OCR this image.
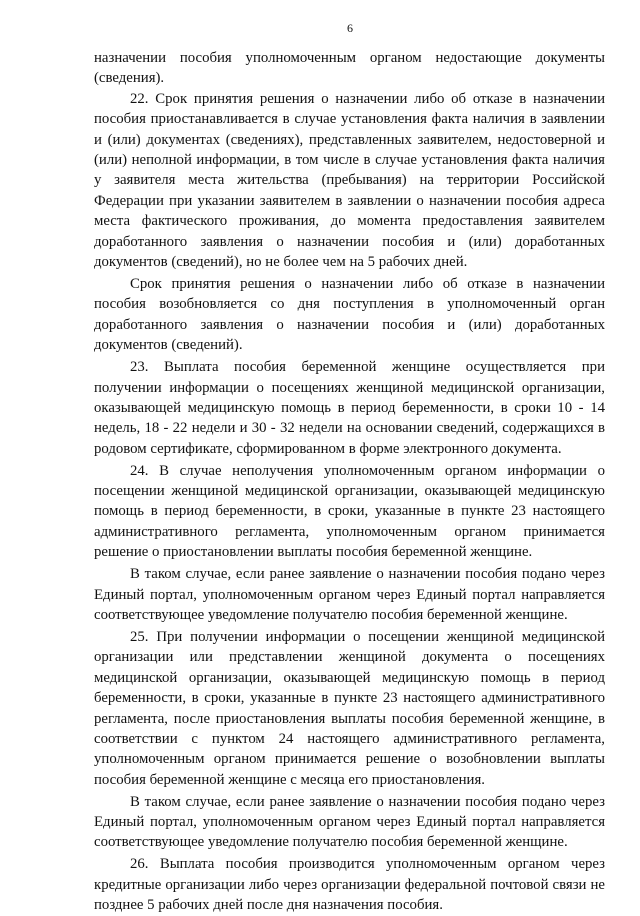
6

назначении пособия уполномоченным органом недостающие документы (сведения).

22. Срок принятия решения о назначении либо об отказе в назначении пособия приостанавливается в случае установления факта наличия в заявлении и (или) документах (сведениях), представленных заявителем, недостоверной и (или) неполной информации, в том числе в случае установления факта наличия у заявителя места жительства (пребывания) на территории Российской Федерации при указании заявителем в заявлении о назначении пособия адреса места фактического проживания, до момента предоставления заявителем доработанного заявления о назначении пособия и (или) доработанных документов (сведений), но не более чем на 5 рабочих дней.

Срок принятия решения о назначении либо об отказе в назначении пособия возобновляется со дня поступления в уполномоченный орган доработанного заявления о назначении пособия и (или) доработанных документов (сведений).

23. Выплата пособия беременной женщине осуществляется при получении информации о посещениях женщиной медицинской организации, оказывающей медицинскую помощь в период беременности, в сроки 10 - 14 недель, 18 - 22 недели и 30 - 32 недели на основании сведений, содержащихся в родовом сертификате, сформированном в форме электронного документа.

24. В случае неполучения уполномоченным органом информации о посещении женщиной медицинской организации, оказывающей медицинскую помощь в период беременности, в сроки, указанные в пункте 23 настоящего административного регламента, уполномоченным органом принимается решение о приостановлении выплаты пособия беременной женщине.

В таком случае, если ранее заявление о назначении пособия подано через Единый портал, уполномоченным органом через Единый портал направляется соответствующее уведомление получателю пособия беременной женщине.

25. При получении информации о посещении женщиной медицинской организации или представлении женщиной документа о посещениях медицинской организации, оказывающей медицинскую помощь в период беременности, в сроки, указанные в пункте 23 настоящего административного регламента, после приостановления выплаты пособия беременной женщине, в соответствии с пунктом 24 настоящего административного регламента, уполномоченным органом принимается решение о возобновлении выплаты пособия беременной женщине с месяца его приостановления.

В таком случае, если ранее заявление о назначении пособия подано через Единый портал, уполномоченным органом через Единый портал направляется соответствующее уведомление получателю пособия беременной женщине.

26. Выплата пособия производится уполномоченным органом через кредитные организации либо через организации федеральной почтовой связи не позднее 5 рабочих дней после дня назначения пособия.
